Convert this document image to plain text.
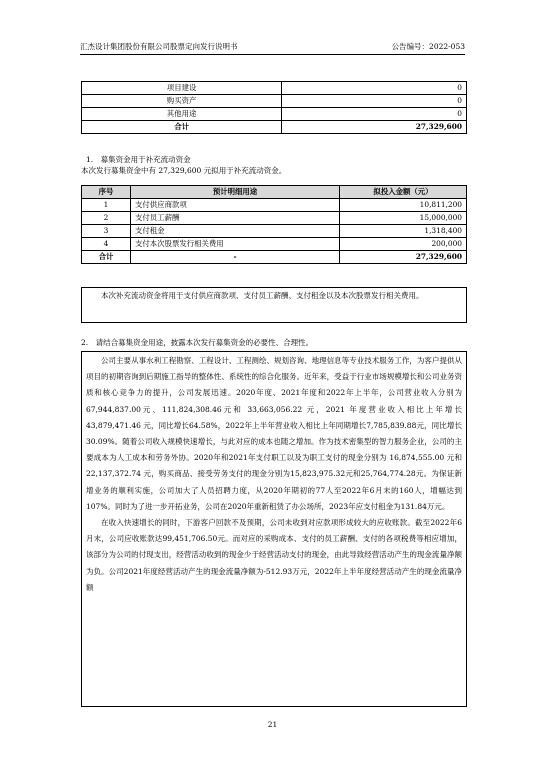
汇杰设计集团股份有限公司股票定向发行说明书	公告编号：2022-053
项目建设	0
购买资产	0
其他用途	0
合计	27,329,600
1.　募集资金用于补充流动资金
本次发行募集资金中有 27,329,600 元拟用于补充流动资金。
序号	预计明细用途	拟投入金额（元）
1	支付供应商款项	10,811,200
2	支付员工薪酬	15,000,000
3	支付租金	1,318,400
4	支付本次股票发行相关费用	200,000
合计	-	27,329,600

本次补充流动资金将用于支付供应商款项、支付员工薪酬、支付租金以及本次股票发行相关费用。

2.　请结合募集资金用途，披露本次发行募集资金的必要性、合理性。

公司主要从事水利工程勘察、工程设计、工程测绘、规划咨询、地理信息等专业技术服务工作，为客户提供从项目的初期咨询到后期施工指导的整体性、系统性的综合化服务。近年来，受益于行业市场规模增长和公司业务资质和核心竞争力的提升，公司发展迅速。2020年度、2021年度和2022年上半年，公司营业收入分别为67,944,837.00元、111,824,308.46元和 33,663,056.22 元，2021 年度营业收入相比上年增长 43,879,471.46 元，同比增长64.58%，2022年上半年营业收入相比上年同期增长7,785,839.88元，同比增长30.09%。随着公司收入规模快速增长，与此对应的成本也随之增加。作为技术密集型的智力服务企业，公司的主要成本为人工成本和劳务外协。2020年和2021年支付职工以及为职工支付的现金分别为 16,874,555.00 元和 22,137,372.74 元，购买商品、接受劳务支付的现金分别为15,823,975.32元和25,764,774.28元。为保证新增业务的顺利实施，公司加大了人员招聘力度，从2020年期初的77人至2022年6月末的160人，增幅达到107%。同时为了进一步开拓业务，公司在2020年重新租赁了办公场所，2023年应支付租金为131.84万元。

在收入快速增长的同时，下游客户回款不及预期，公司未收到对应款项形成较大的应收账款。截至2022年6月末，公司应收账款达99,451,706.50元。而对应的采购成本、支付的员工薪酬、支付的各项税费等相应增加，该部分为公司的付现支出，经营活动收到的现金少于经营活动支付的现金，由此导致经营活动产生的现金流量净额为负。公司2021年度经营活动产生的现金流量净额为-512.93万元，2022年上半年度经营活动产生的现金流量净额

21
